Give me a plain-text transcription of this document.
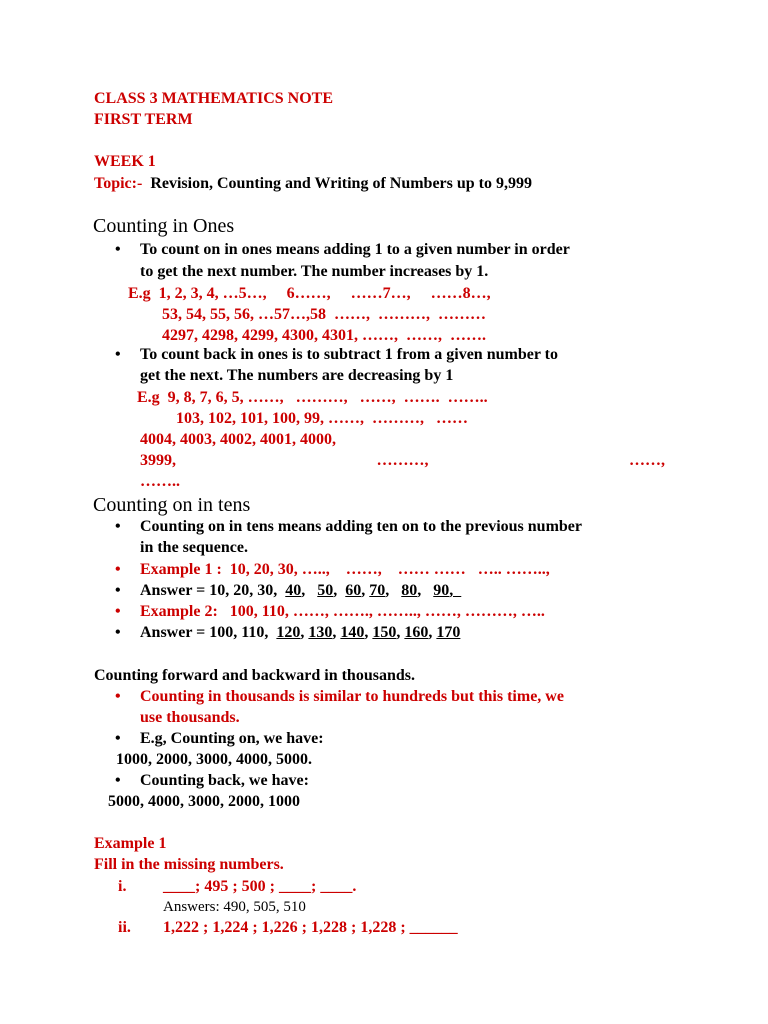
CLASS 3 MATHEMATICS NOTE
FIRST TERM
WEEK 1
Topic:- Revision, Counting and Writing of Numbers up to 9,999
Counting in Ones
• To count on in ones means adding 1 to a given number in order
to get the next number. The number increases by 1.
E.g  1, 2, 3, 4, …5…,     6……,     ……7…,     ……8…,
53, 54, 55, 56, …57…,58  ……,  ………,  ………
4297, 4298, 4299, 4300, 4301, ……,  ……,  …….
• To count back in ones is to subtract 1 from a given number to
get the next. The numbers are decreasing by 1
E.g  9, 8, 7, 6, 5, ……,   ………,   ……,  …….  ……..
103, 102, 101, 100, 99, ……,  ………,   ……
4004, 4003, 4002, 4001, 4000,
3999,	………,	……,
……..
Counting on in tens
• Counting on in tens means adding ten on to the previous number
in the sequence.
• Example 1 :  10, 20, 30, …..,    ……,    …… ……   ….. ……..,
• Answer = 10, 20, 30,  40,   50,  60, 70,   80,   90,
• Example 2:   100, 110, ……, ……., …….., ……, ………, …..
• Answer = 100, 110,  120, 130, 140, 150, 160, 170
Counting forward and backward in thousands.
• Counting in thousands is similar to hundreds but this time, we
use thousands.
• E.g, Counting on, we have:
1000, 2000, 3000, 4000, 5000.
• Counting back, we have:
5000, 4000, 3000, 2000, 1000
Example 1
Fill in the missing numbers.
i. ____; 495 ; 500 ; ____; ____.
Answers: 490, 505, 510
ii. 1,222 ; 1,224 ; 1,226 ; 1,228 ; 1,228 ; ______
